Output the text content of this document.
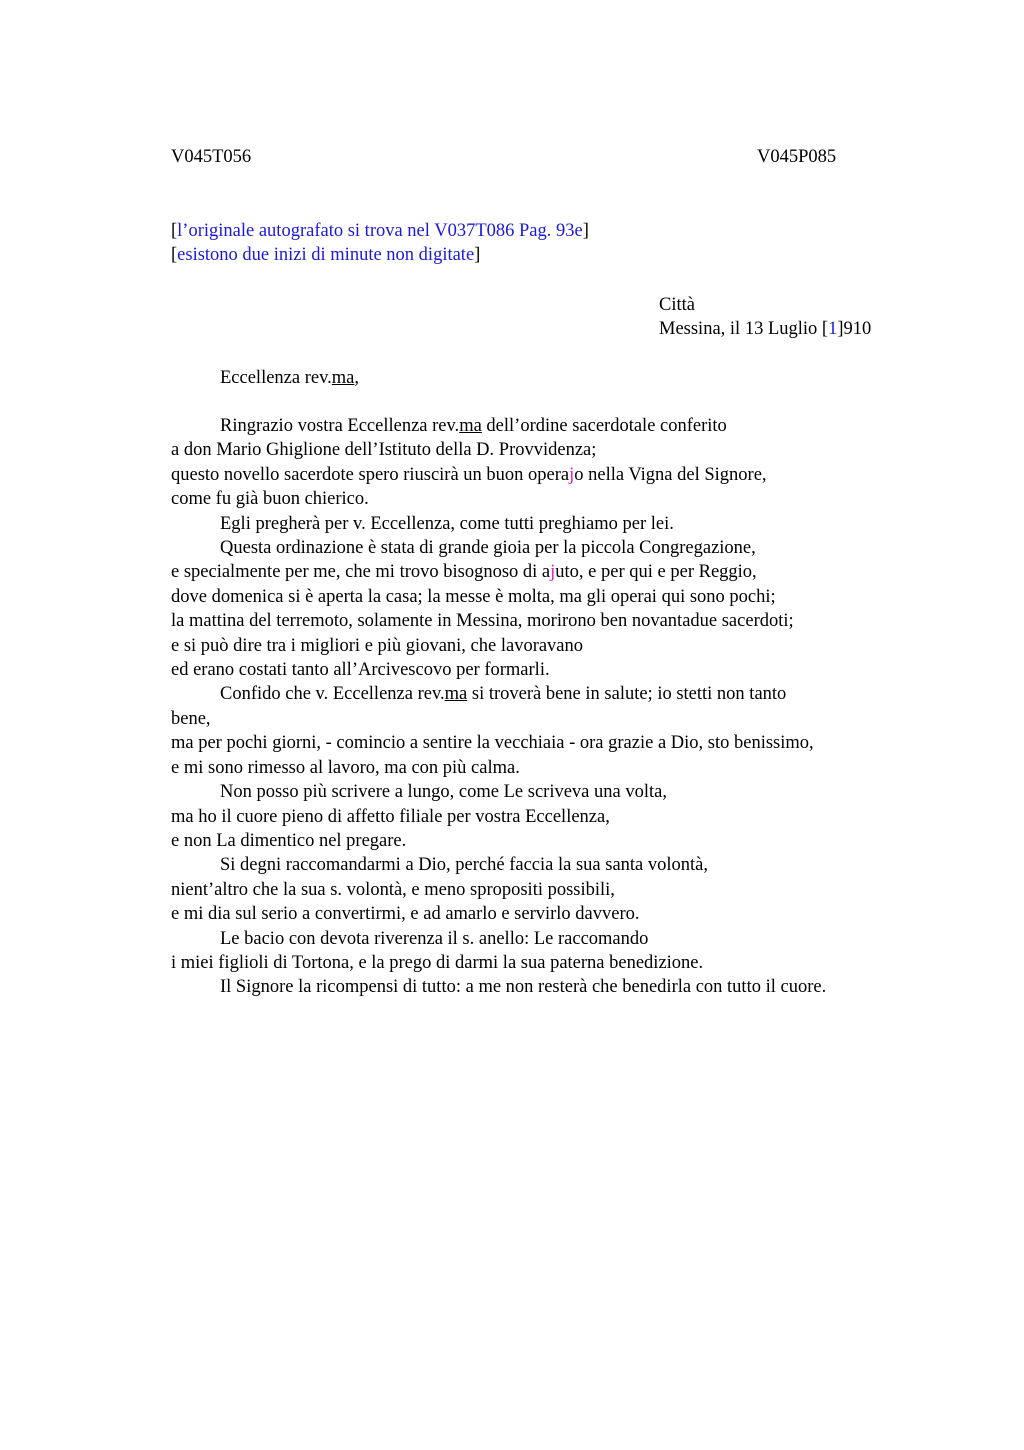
V045T056	V045P085
[l’originale autografato si trova nel V037T086 Pag. 93e]
[esistono due inizi di minute non digitate]
Città
Messina, il 13 Luglio [1]910
Eccellenza rev.ma,
Ringrazio vostra Eccellenza rev.ma dell’ordine sacerdotale conferito
a don Mario Ghiglione dell’Istituto della D. Provvidenza;
questo novello sacerdote spero riuscirà un buon operajo nella Vigna del Signore,
come fu già buon chierico.
Egli pregherà per v. Eccellenza, come tutti preghiamo per lei.
Questa ordinazione è stata di grande gioia per la piccola Congregazione,
e specialmente per me, che mi trovo bisognoso di ajuto, e per qui e per Reggio,
dove domenica si è aperta la casa; la messe è molta, ma gli operai qui sono pochi;
la mattina del terremoto, solamente in Messina, morirono ben novantadue sacerdoti;
e si può dire tra i migliori e più giovani, che lavoravano
ed erano costati tanto all’Arcivescovo per formarli.
Confido che v. Eccellenza rev.ma si troverà bene in salute; io stetti non tanto
bene,
ma per pochi giorni, - comincio a sentire la vecchiaia - ora grazie a Dio, sto benissimo,
e mi sono rimesso al lavoro, ma con più calma.
Non posso più scrivere a lungo, come Le scriveva una volta,
ma ho il cuore pieno di affetto filiale per vostra Eccellenza,
e non La dimentico nel pregare.
Si degni raccomandarmi a Dio, perché faccia la sua santa volontà,
nient’altro che la sua s. volontà, e meno spropositi possibili,
e mi dia sul serio a convertirmi, e ad amarlo e servirlo davvero.
Le bacio con devota riverenza il s. anello: Le raccomando
i miei figlioli di Tortona, e la prego di darmi la sua paterna benedizione.
Il Signore la ricompensi di tutto: a me non resterà che benedirla con tutto il cuore.
